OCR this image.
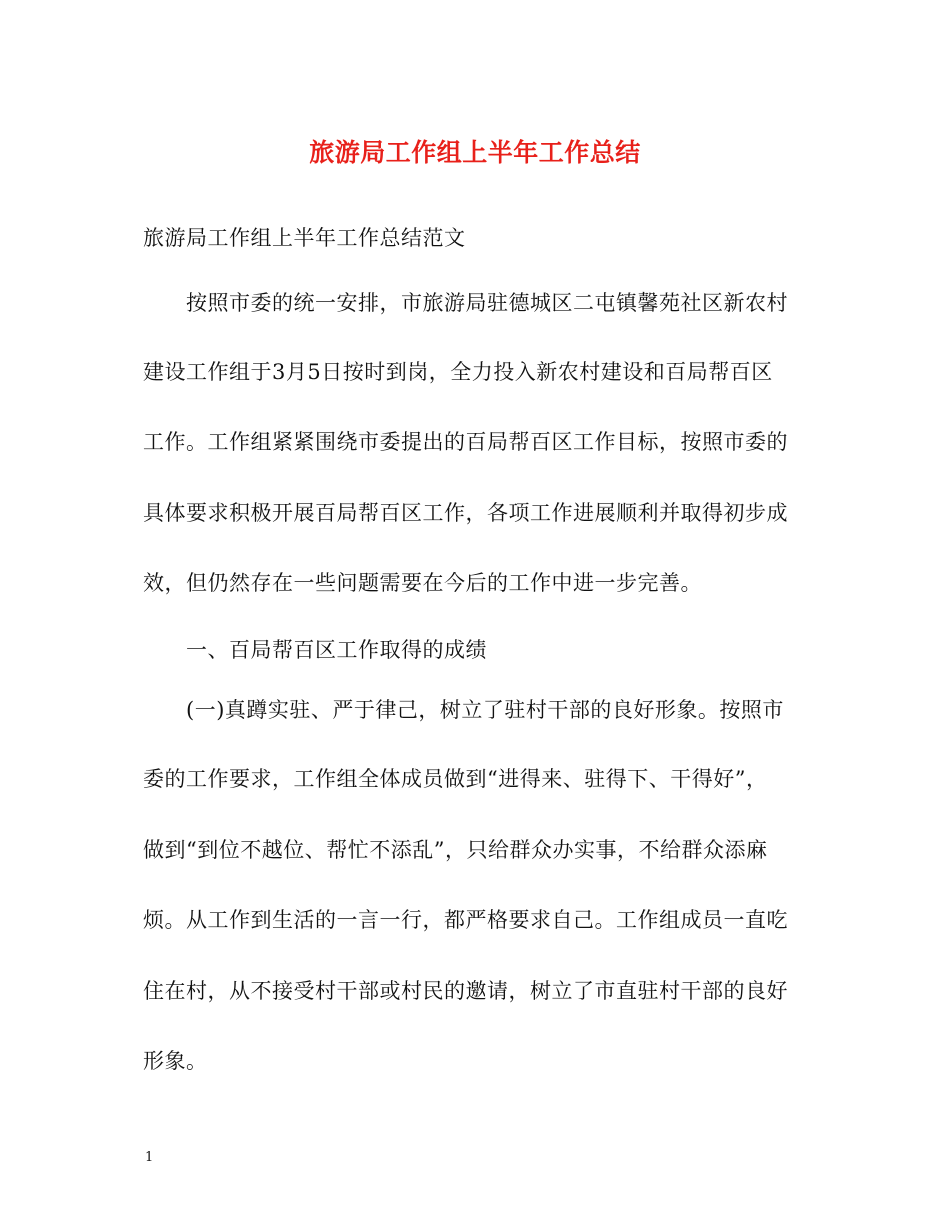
旅游局工作组上半年工作总结
旅游局工作组上半年工作总结范文
按照市委的统一安排，市旅游局驻德城区二屯镇馨苑社区新农村
建设工作组于3月5日按时到岗，全力投入新农村建设和百局帮百区
工作。工作组紧紧围绕市委提出的百局帮百区工作目标，按照市委的
具体要求积极开展百局帮百区工作，各项工作进展顺利并取得初步成
效，但仍然存在一些问题需要在今后的工作中进一步完善。
一、百局帮百区工作取得的成绩
(一)真蹲实驻、严于律己，树立了驻村干部的良好形象。按照市
委的工作要求，工作组全体成员做到“进得来、驻得下、干得好”，
做到“到位不越位、帮忙不添乱”，只给群众办实事，不给群众添麻
烦。从工作到生活的一言一行，都严格要求自己。工作组成员一直吃
住在村，从不接受村干部或村民的邀请，树立了市直驻村干部的良好
形象。
1
